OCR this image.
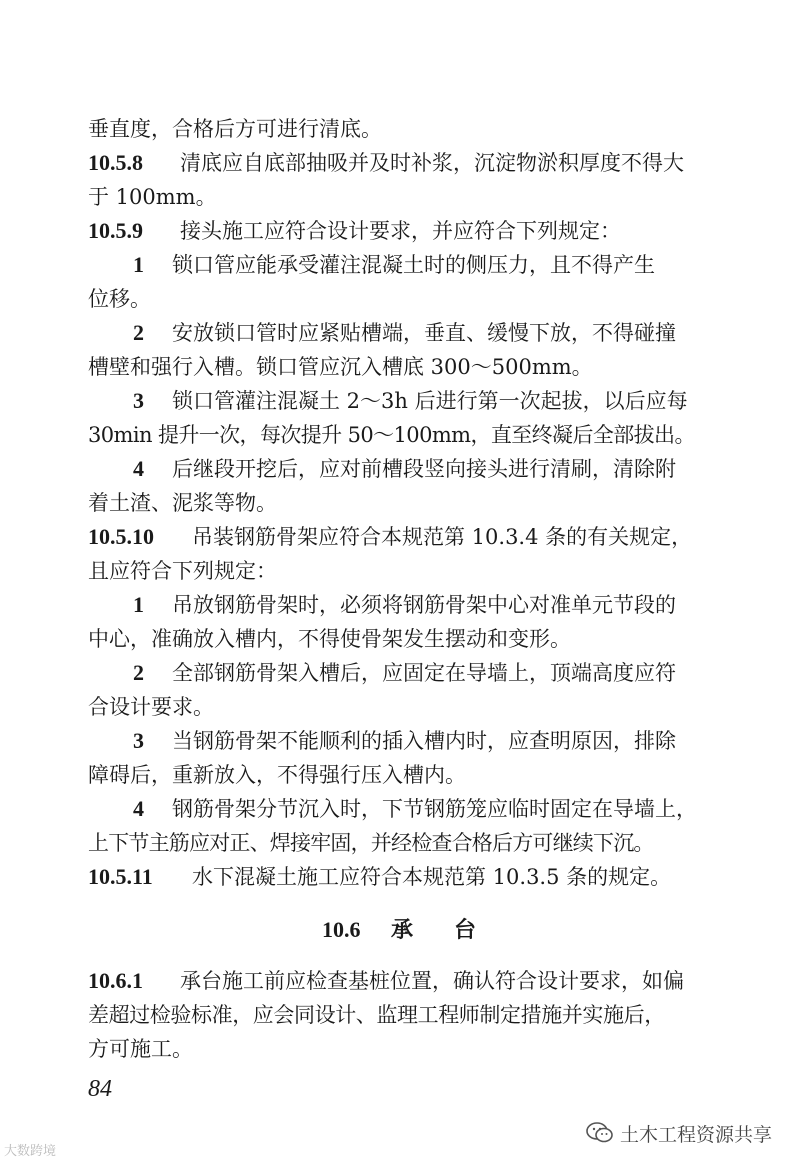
垂直度，合格后方可进行清底。
10.5.8 清底应自底部抽吸并及时补浆，沉淀物淤积厚度不得大
于 100mm。
10.5.9 接头施工应符合设计要求，并应符合下列规定：
1 锁口管应能承受灌注混凝土时的侧压力，且不得产生
位移。
2 安放锁口管时应紧贴槽端，垂直、缓慢下放，不得碰撞
槽壁和强行入槽。锁口管应沉入槽底 300～500mm。
3 锁口管灌注混凝土 2～3h 后进行第一次起拔，以后应每
30min 提升一次，每次提升 50～100mm，直至终凝后全部拔出。
4 后继段开挖后，应对前槽段竖向接头进行清刷，清除附
着土渣、泥浆等物。
10.5.10 吊装钢筋骨架应符合本规范第 10.3.4 条的有关规定，
且应符合下列规定：
1 吊放钢筋骨架时，必须将钢筋骨架中心对准单元节段的
中心，准确放入槽内，不得使骨架发生摆动和变形。
2 全部钢筋骨架入槽后，应固定在导墙上，顶端高度应符
合设计要求。
3 当钢筋骨架不能顺利的插入槽内时，应查明原因，排除
障碍后，重新放入，不得强行压入槽内。
4 钢筋骨架分节沉入时，下节钢筋笼应临时固定在导墙上，
上下节主筋应对正、焊接牢固，并经检查合格后方可继续下沉。
10.5.11 水下混凝土施工应符合本规范第 10.3.5 条的规定。
10.6 承 台
10.6.1 承台施工前应检查基桩位置，确认符合设计要求，如偏
差超过检验标准，应会同设计、监理工程师制定措施并实施后，
方可施工。
84
大数跨境
土木工程资源共享
